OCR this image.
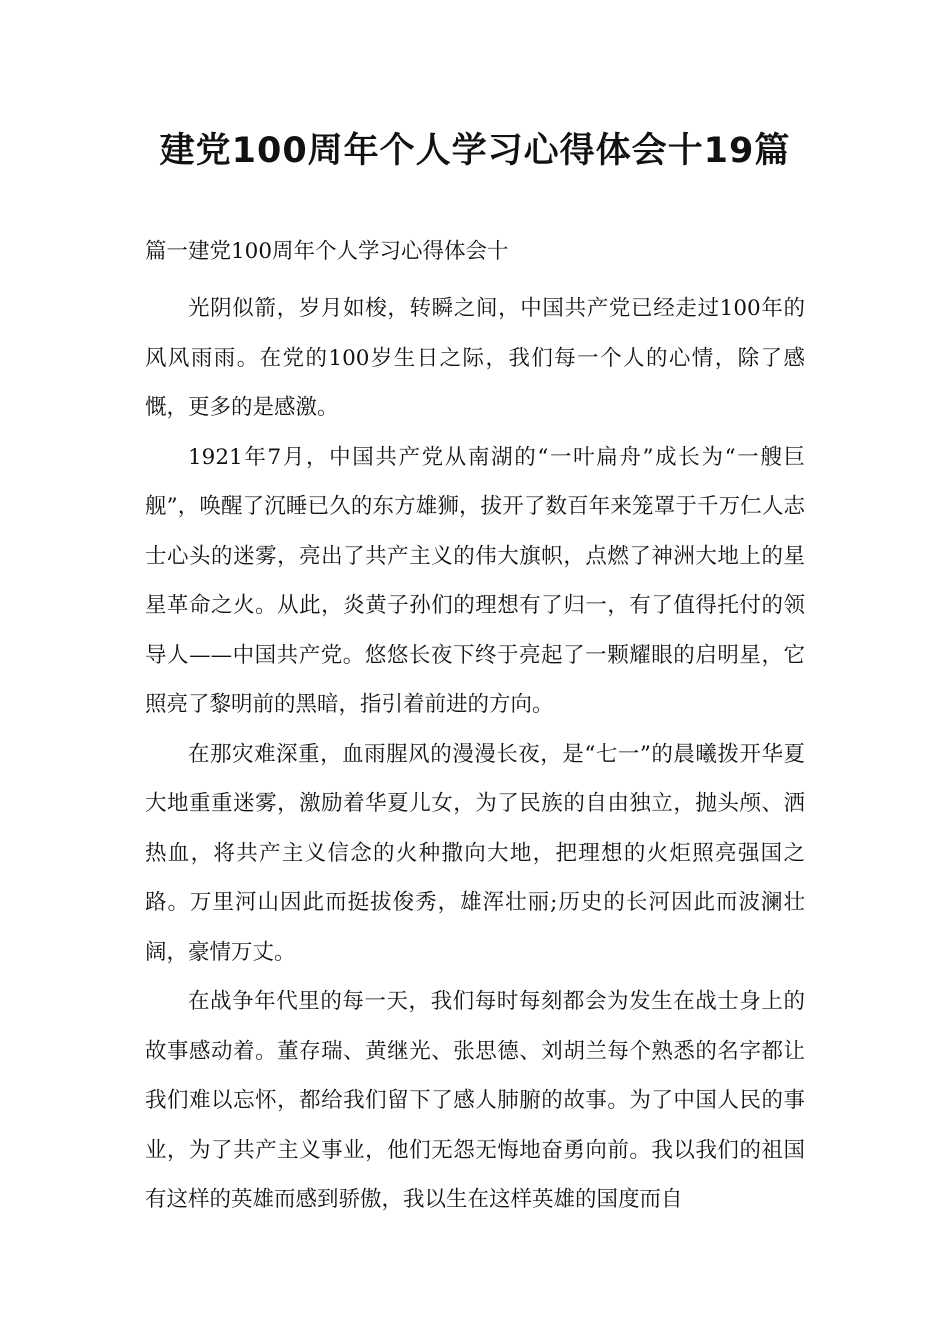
建党100周年个人学习心得体会十19篇
篇一建党100周年个人学习心得体会十

光阴似箭，岁月如梭，转瞬之间，中国共产党已经走过100年的风风雨雨。在党的100岁生日之际，我们每一个人的心情，除了感慨，更多的是感激。

1921年7月，中国共产党从南湖的“一叶扁舟”成长为“一艘巨舰”，唤醒了沉睡已久的东方雄狮，拔开了数百年来笼罩于千万仁人志士心头的迷雾，亮出了共产主义的伟大旗帜，点燃了神洲大地上的星星革命之火。从此，炎黄子孙们的理想有了归一，有了值得托付的领导人——中国共产党。悠悠长夜下终于亮起了一颗耀眼的启明星，它照亮了黎明前的黑暗，指引着前进的方向。

在那灾难深重，血雨腥风的漫漫长夜，是“七一”的晨曦拨开华夏大地重重迷雾，激励着华夏儿女，为了民族的自由独立，抛头颅、洒热血，将共产主义信念的火种撒向大地，把理想的火炬照亮强国之路。万里河山因此而挺拔俊秀，雄浑壮丽;历史的长河因此而波澜壮阔，豪情万丈。

在战争年代里的每一天，我们每时每刻都会为发生在战士身上的故事感动着。董存瑞、黄继光、张思德、刘胡兰每个熟悉的名字都让我们难以忘怀，都给我们留下了感人肺腑的故事。为了中国人民的事业，为了共产主义事业，他们无怨无悔地奋勇向前。我以我们的祖国有这样的英雄而感到骄傲，我以生在这样英雄的国度而自
